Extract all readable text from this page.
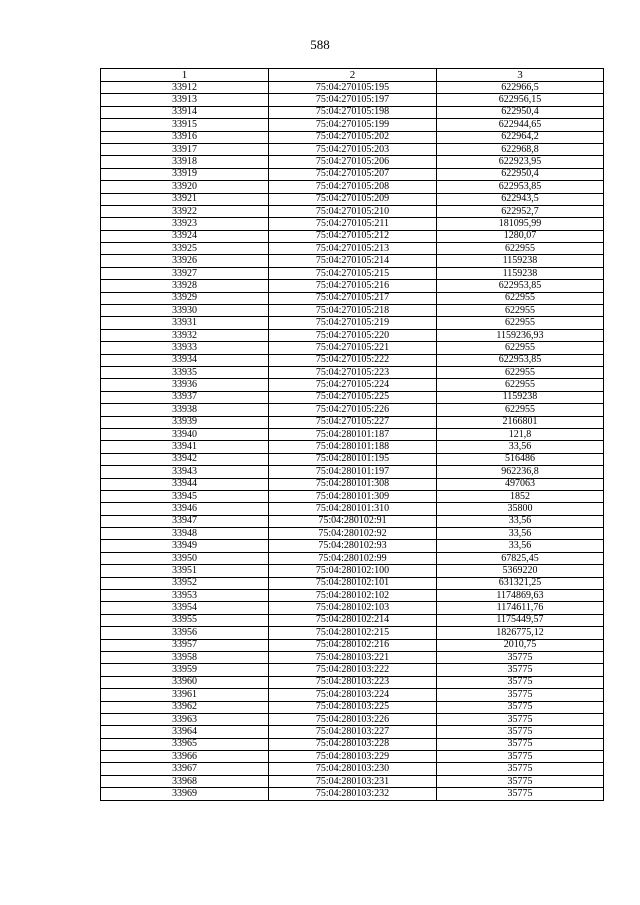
588
1	2	3
33912	75:04:270105:195	622966,5
33913	75:04:270105:197	622956,15
33914	75:04:270105:198	622950,4
33915	75:04:270105:199	622944,65
33916	75:04:270105:202	622964,2
33917	75:04:270105:203	622968,8
33918	75:04:270105:206	622923,95
33919	75:04:270105:207	622950,4
33920	75:04:270105:208	622953,85
33921	75:04:270105:209	622943,5
33922	75:04:270105:210	622952,7
33923	75:04:270105:211	181095,99
33924	75:04:270105:212	1280,07
33925	75:04:270105:213	622955
33926	75:04:270105:214	1159238
33927	75:04:270105:215	1159238
33928	75:04:270105:216	622953,85
33929	75:04:270105:217	622955
33930	75:04:270105:218	622955
33931	75:04:270105:219	622955
33932	75:04:270105:220	1159236,93
33933	75:04:270105:221	622955
33934	75:04:270105:222	622953,85
33935	75:04:270105:223	622955
33936	75:04:270105:224	622955
33937	75:04:270105:225	1159238
33938	75:04:270105:226	622955
33939	75:04:270105:227	2166801
33940	75:04:280101:187	121,8
33941	75:04:280101:188	33,56
33942	75:04:280101:195	516486
33943	75:04:280101:197	962236,8
33944	75:04:280101:308	497063
33945	75:04:280101:309	1852
33946	75:04:280101:310	35800
33947	75:04:280102:91	33,56
33948	75:04:280102:92	33,56
33949	75:04:280102:93	33,56
33950	75:04:280102:99	67825,45
33951	75:04:280102:100	5369220
33952	75:04:280102:101	631321,25
33953	75:04:280102:102	1174869,63
33954	75:04:280102:103	1174611,76
33955	75:04:280102:214	1175449,57
33956	75:04:280102:215	1826775,12
33957	75:04:280102:216	2010,75
33958	75:04:280103:221	35775
33959	75:04:280103:222	35775
33960	75:04:280103:223	35775
33961	75:04:280103:224	35775
33962	75:04:280103:225	35775
33963	75:04:280103:226	35775
33964	75:04:280103:227	35775
33965	75:04:280103:228	35775
33966	75:04:280103:229	35775
33967	75:04:280103:230	35775
33968	75:04:280103:231	35775
33969	75:04:280103:232	35775
